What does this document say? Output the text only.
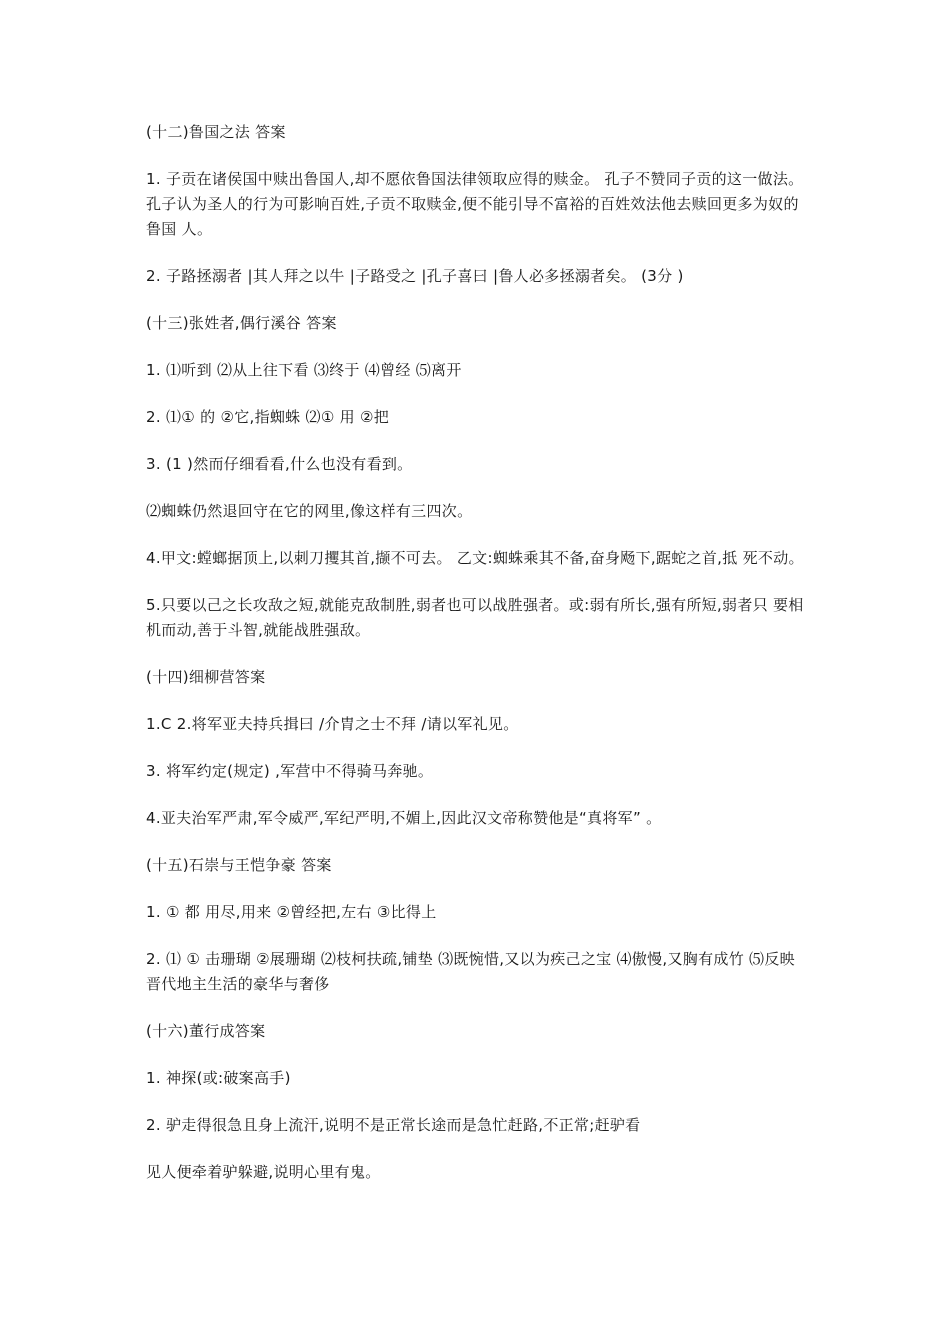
(十二)鲁国之法 答案

1. 子贡在诸侯国中赎出鲁国人,却不愿依鲁国法律领取应得的赎金。 孔子不赞同子贡的这一做法。 孔子认为圣人的行为可影响百姓,子贡不取赎金,便不能引导不富裕的百姓效法他去赎回更多为奴的鲁国 人。

2. 子路拯溺者 |其人拜之以牛 |子路受之 |孔子喜曰 |鲁人必多拯溺者矣。 (3分 )

(十三)张姓者,偶行溪谷 答案

1. ⑴听到 ⑵从上往下看 ⑶终于 ⑷曾经 ⑸离开

2. ⑴① 的 ②它,指蜘蛛 ⑵① 用 ②把

3. (1 )然而仔细看看,什么也没有看到。

⑵蜘蛛仍然退回守在它的网里,像这样有三四次。

4.甲文:螳螂据顶上,以刺刀攫其首,撷不可去。 乙文:蜘蛛乘其不备,奋身飏下,踞蛇之首,抵 死不动。

5.只要以己之长攻敌之短,就能克敌制胜,弱者也可以战胜强者。或:弱有所长,强有所短,弱者只 要相机而动,善于斗智,就能战胜强敌。

(十四)细柳营答案

1.C 2.将军亚夫持兵揖曰 /介胄之士不拜 /请以军礼见。

3. 将军约定(规定) ,军营中不得骑马奔驰。

4.亚夫治军严肃,军令威严,军纪严明,不媚上,因此汉文帝称赞他是“真将军” 。

(十五)石崇与王恺争豪 答案

1. ① 都 用尽,用来 ②曾经把,左右 ③比得上

2. ⑴ ① 击珊瑚 ②展珊瑚 ⑵枝柯扶疏,铺垫 ⑶既惋惜,又以为疾己之宝 ⑷傲慢,又胸有成竹 ⑸反映晋代地主生活的豪华与奢侈

(十六)董行成答案

1. 神探(或:破案高手)

2. 驴走得很急且身上流汗,说明不是正常长途而是急忙赶路,不正常;赶驴看

见人便牵着驴躲避,说明心里有鬼。
